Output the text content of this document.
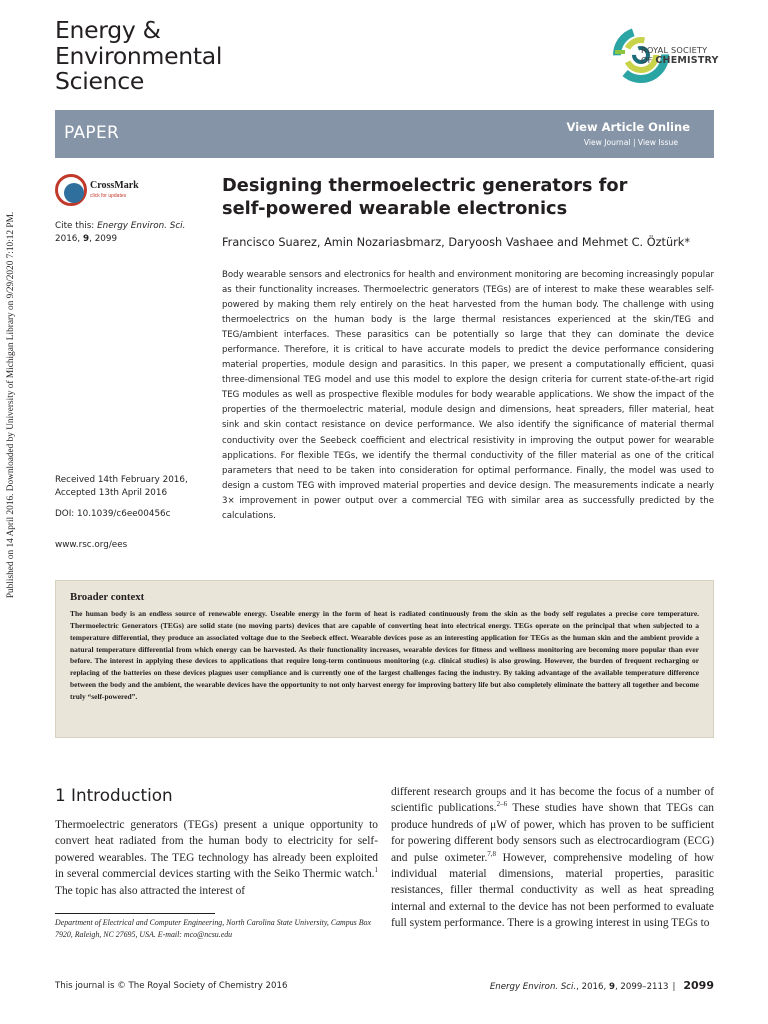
Published on 14 April 2016. Downloaded by University of Michigan Library on 9/29/2020 7:10:12 PM.
Energy &
Environmental
Science
ROYAL SOCIETY
OF CHEMISTRY
PAPER	View Article Online
View Journal | View Issue
CrossMark
click for updates
Cite this: Energy Environ. Sci.
2016, 9, 2099
Designing thermoelectric generators for
self-powered wearable electronics
Francisco Suarez, Amin Nozariasbmarz, Daryoosh Vashaee and Mehmet C. Öztürk*
Body wearable sensors and electronics for health and environment monitoring are becoming increasingly popular as their functionality increases. Thermoelectric generators (TEGs) are of interest to make these wearables self-powered by making them rely entirely on the heat harvested from the human body. The challenge with using thermoelectrics on the human body is the large thermal resistances experienced at the skin/TEG and TEG/ambient interfaces. These parasitics can be potentially so large that they can dominate the device performance. Therefore, it is critical to have accurate models to predict the device performance considering material properties, module design and parasitics. In this paper, we present a computationally efficient, quasi three-dimensional TEG model and use this model to explore the design criteria for current state-of-the-art rigid TEG modules as well as prospective flexible modules for body wearable applications. We show the impact of the properties of the thermoelectric material, module design and dimensions, heat spreaders, filler material, heat sink and skin contact resistance on device performance. We also identify the significance of material thermal conductivity over the Seebeck coefficient and electrical resistivity in improving the output power for wearable applications. For flexible TEGs, we identify the thermal conductivity of the filler material as one of the critical parameters that need to be taken into consideration for optimal performance. Finally, the model was used to design a custom TEG with improved material properties and device design. The measurements indicate a nearly 3× improvement in power output over a commercial TEG with similar area as successfully predicted by the calculations.
Received 14th February 2016,
Accepted 13th April 2016
DOI: 10.1039/c6ee00456c
www.rsc.org/ees
Broader context
The human body is an endless source of renewable energy. Useable energy in the form of heat is radiated continuously from the skin as the body self regulates a precise core temperature. Thermoelectric Generators (TEGs) are solid state (no moving parts) devices that are capable of converting heat into electrical energy. TEGs operate on the principal that when subjected to a temperature differential, they produce an associated voltage due to the Seebeck effect. Wearable devices pose as an interesting application for TEGs as the human skin and the ambient provide a natural temperature differential from which energy can be harvested. As their functionality increases, wearable devices for fitness and wellness monitoring are becoming more popular than ever before. The interest in applying these devices to applications that require long-term continuous monitoring (e.g. clinical studies) is also growing. However, the burden of frequent recharging or replacing of the batteries on these devices plagues user compliance and is currently one of the largest challenges facing the industry. By taking advantage of the available temperature difference between the body and the ambient, the wearable devices have the opportunity to not only harvest energy for improving battery life but also completely eliminate the battery all together and become truly “self-powered”.
1 Introduction
Thermoelectric generators (TEGs) present a unique opportunity to convert heat radiated from the human body to electricity for self-powered wearables. The TEG technology has already been exploited in several commercial devices starting with the Seiko Thermic watch.$^1$ The topic has also attracted the interest of
different research groups and it has become the focus of a number of scientific publications.$^{2-6}$ These studies have shown that TEGs can produce hundreds of μW of power, which has proven to be sufficient for powering different body sensors such as electrocardiogram (ECG) and pulse oximeter.$^{7,8}$ However, comprehensive modeling of how individual material dimensions, material properties, parasitic resistances, filler thermal conductivity as well as heat spreading internal and external to the device has not been performed to evaluate full system performance. There is a growing interest in using TEGs to
Department of Electrical and Computer Engineering, North Carolina State University, Campus Box 7920, Raleigh, NC 27695, USA. E-mail: mco@ncsu.edu
This journal is © The Royal Society of Chemistry 2016	Energy Environ. Sci., 2016, 9, 2099–2113 | 2099
